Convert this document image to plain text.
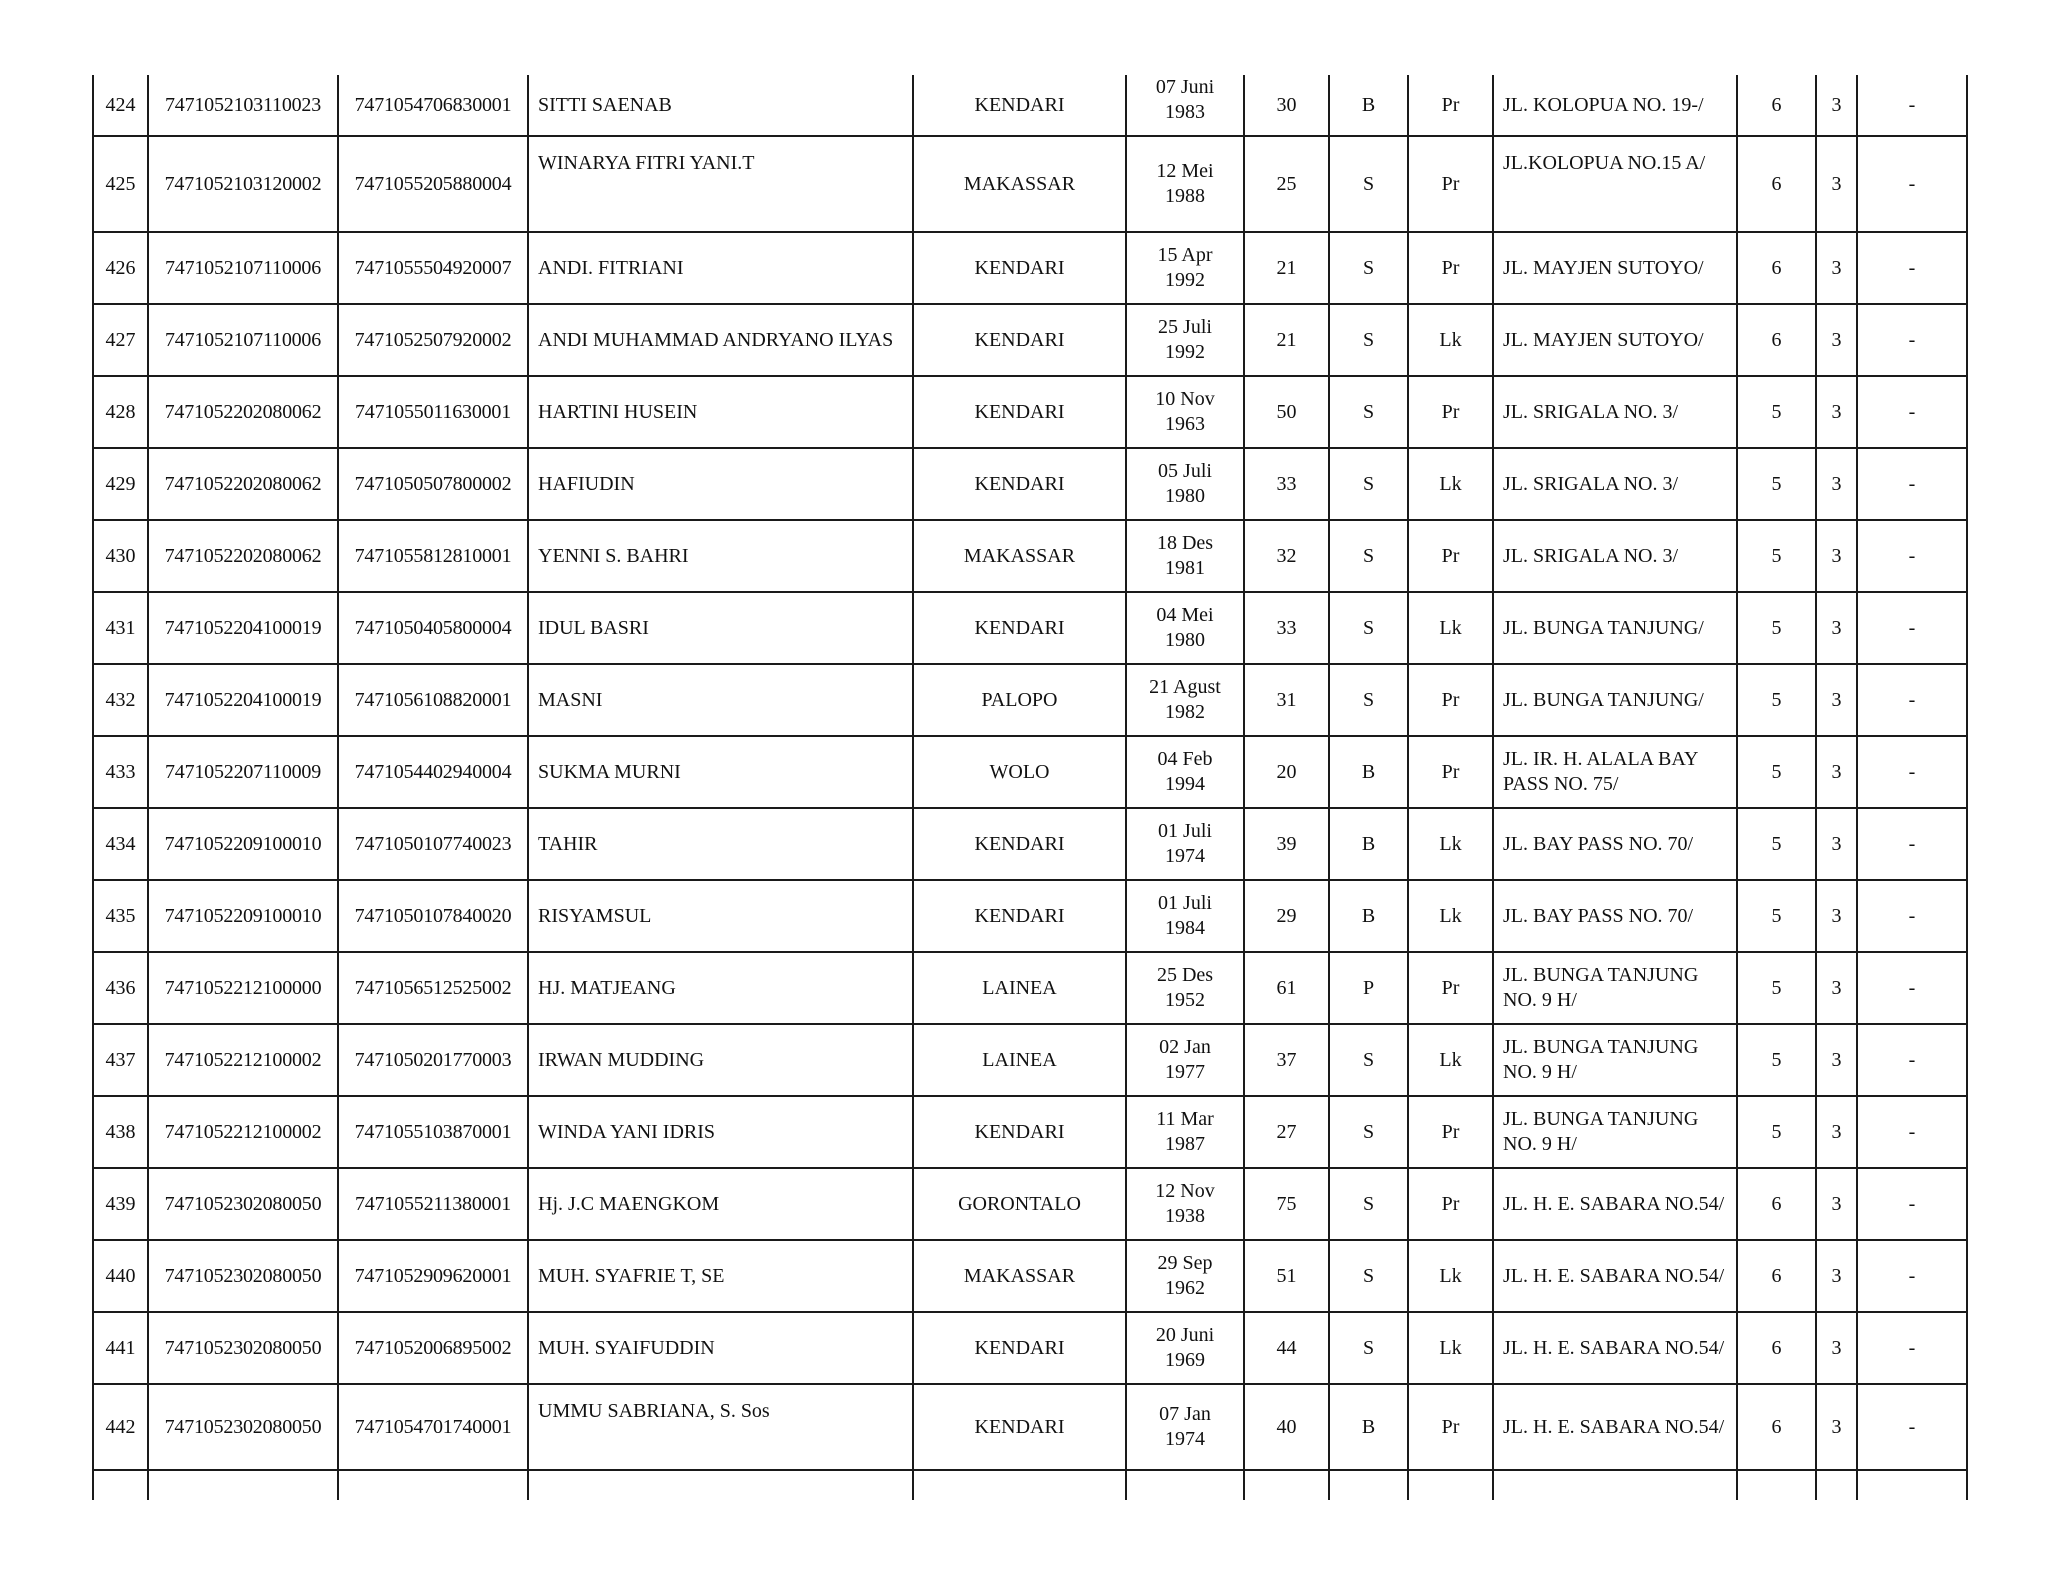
424	7471052103110023	7471054706830001	SITTI SAENAB	KENDARI	07 Juni
1983	30	B	Pr	JL. KOLOPUA NO. 19-/	6	3	-
425	7471052103120002	7471055205880004	WINARYA FITRI YANI.T	MAKASSAR	12 Mei
1988	25	S	Pr	JL.KOLOPUA NO.15 A/	6	3	-
426	7471052107110006	7471055504920007	ANDI. FITRIANI	KENDARI	15 Apr
1992	21	S	Pr	JL. MAYJEN SUTOYO/	6	3	-
427	7471052107110006	7471052507920002	ANDI MUHAMMAD ANDRYANO ILYAS	KENDARI	25 Juli
1992	21	S	Lk	JL. MAYJEN SUTOYO/	6	3	-
428	7471052202080062	7471055011630001	HARTINI HUSEIN	KENDARI	10 Nov
1963	50	S	Pr	JL. SRIGALA NO. 3/	5	3	-
429	7471052202080062	7471050507800002	HAFIUDIN	KENDARI	05 Juli
1980	33	S	Lk	JL. SRIGALA NO. 3/	5	3	-
430	7471052202080062	7471055812810001	YENNI S. BAHRI	MAKASSAR	18 Des
1981	32	S	Pr	JL. SRIGALA NO. 3/	5	3	-
431	7471052204100019	7471050405800004	IDUL BASRI	KENDARI	04 Mei
1980	33	S	Lk	JL. BUNGA TANJUNG/	5	3	-
432	7471052204100019	7471056108820001	MASNI	PALOPO	21 Agust
1982	31	S	Pr	JL. BUNGA TANJUNG/	5	3	-
433	7471052207110009	7471054402940004	SUKMA MURNI	WOLO	04 Feb
1994	20	B	Pr	JL. IR. H. ALALA BAY PASS NO. 75/	5	3	-
434	7471052209100010	7471050107740023	TAHIR	KENDARI	01 Juli
1974	39	B	Lk	JL. BAY PASS NO. 70/	5	3	-
435	7471052209100010	7471050107840020	RISYAMSUL	KENDARI	01 Juli
1984	29	B	Lk	JL. BAY PASS NO. 70/	5	3	-
436	7471052212100000	7471056512525002	HJ. MATJEANG	LAINEA	25 Des
1952	61	P	Pr	JL. BUNGA TANJUNG NO. 9 H/	5	3	-
437	7471052212100002	7471050201770003	IRWAN MUDDING	LAINEA	02 Jan
1977	37	S	Lk	JL. BUNGA TANJUNG NO. 9 H/	5	3	-
438	7471052212100002	7471055103870001	WINDA YANI IDRIS	KENDARI	11 Mar
1987	27	S	Pr	JL. BUNGA TANJUNG NO. 9 H/	5	3	-
439	7471052302080050	7471055211380001	Hj. J.C MAENGKOM	GORONTALO	12 Nov
1938	75	S	Pr	JL. H. E. SABARA NO.54/	6	3	-
440	7471052302080050	7471052909620001	MUH. SYAFRIE T, SE	MAKASSAR	29 Sep
1962	51	S	Lk	JL. H. E. SABARA NO.54/	6	3	-
441	7471052302080050	7471052006895002	MUH. SYAIFUDDIN	KENDARI	20 Juni
1969	44	S	Lk	JL. H. E. SABARA NO.54/	6	3	-
442	7471052302080050	7471054701740001	UMMU SABRIANA, S. Sos	KENDARI	07 Jan
1974	40	B	Pr	JL. H. E. SABARA NO.54/	6	3	-
